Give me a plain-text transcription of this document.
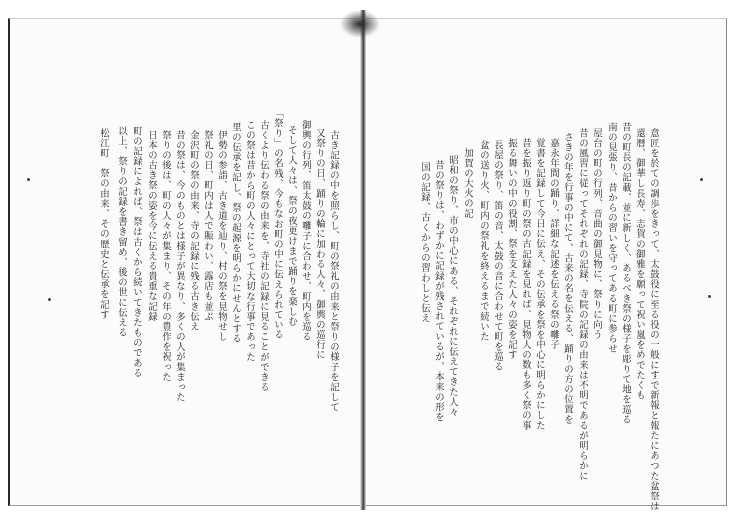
意匠を於ての調歩をきって、太鼓役に至る役の一般にすで新報と報たにあつた盆祭は
還暦、御華し長寿、志賀の御雅を願って祝い嵐をめでたくも
昔の町長の記載、並に新しく、あるべき祭の様子を彫りて地を巡る
南の見張り、昔からの習いを守ってある町に参らせ
屋台の町の行列、音曲の御見物に、祭りに向う
昔の風習に従ってそれぞれの記録、寺院の記録の由来は不明であるが明らかに
さきの年を行事の中にて、古来の名を伝える、踊りの方の位置を
嘉永年間の踊り、詳細な記述を伝える祭の囃子
覚書を記録して今日に伝え、その伝承を祭を中心に明らかにした
昔を振り返り町の祭の古記録を見れば、見物人の数も多く祭の事
振る舞いの中の役割、祭を支えた人々の姿を記す
長屋の祭り、笛の音、太鼓の音に合わせて町を巡る
盆の送り火、町内の祭礼を終えるまで続いた
加賀の大火の記
昭和の祭り、市の中心にある、それぞれに伝えてきた人々
昔の祭りは、わずかに記録が残されているが、本来の形を
国の記録、古くからの習わしと伝え
古き記録の中を照らし、町の祭礼の由来と祭りの様子を記して
又祭りの日、踊りの輪に加わる人々、御輿の巡行に
御輿の行列、笛太鼓の囃子に合わせ、町内を巡る
そして人々は、祭の夜更けまで踊りを楽しむ
「祭り」の名残、今もなお町の中に伝えられている
古くより伝わる祭の由来を、寺社の記録に見ることができる
この祭は昔から町の人々にとって大切な行事であった
里の伝承を記し、祭の起源を明らかにせんとする
伊勢の参詣、古き道を辿り、村の祭を見物せし
祭礼の日、町内は人で賑わい、露店も並ぶ
金沢町の祭の由来、寺の記録に残る古き伝え
昔の祭は、今のものとは様子が異なり、多くの人が集まった
祭りの後は、町の人々が集まり、その年の豊作を祝った
日本の古き祭の姿を今に伝える貴重な記録
町の記録によれば、祭は古くから続いてきたものである
以上、祭りの記録を書き留め、後の世に伝える
松江町　祭の由来、その歴史と伝承を記す
